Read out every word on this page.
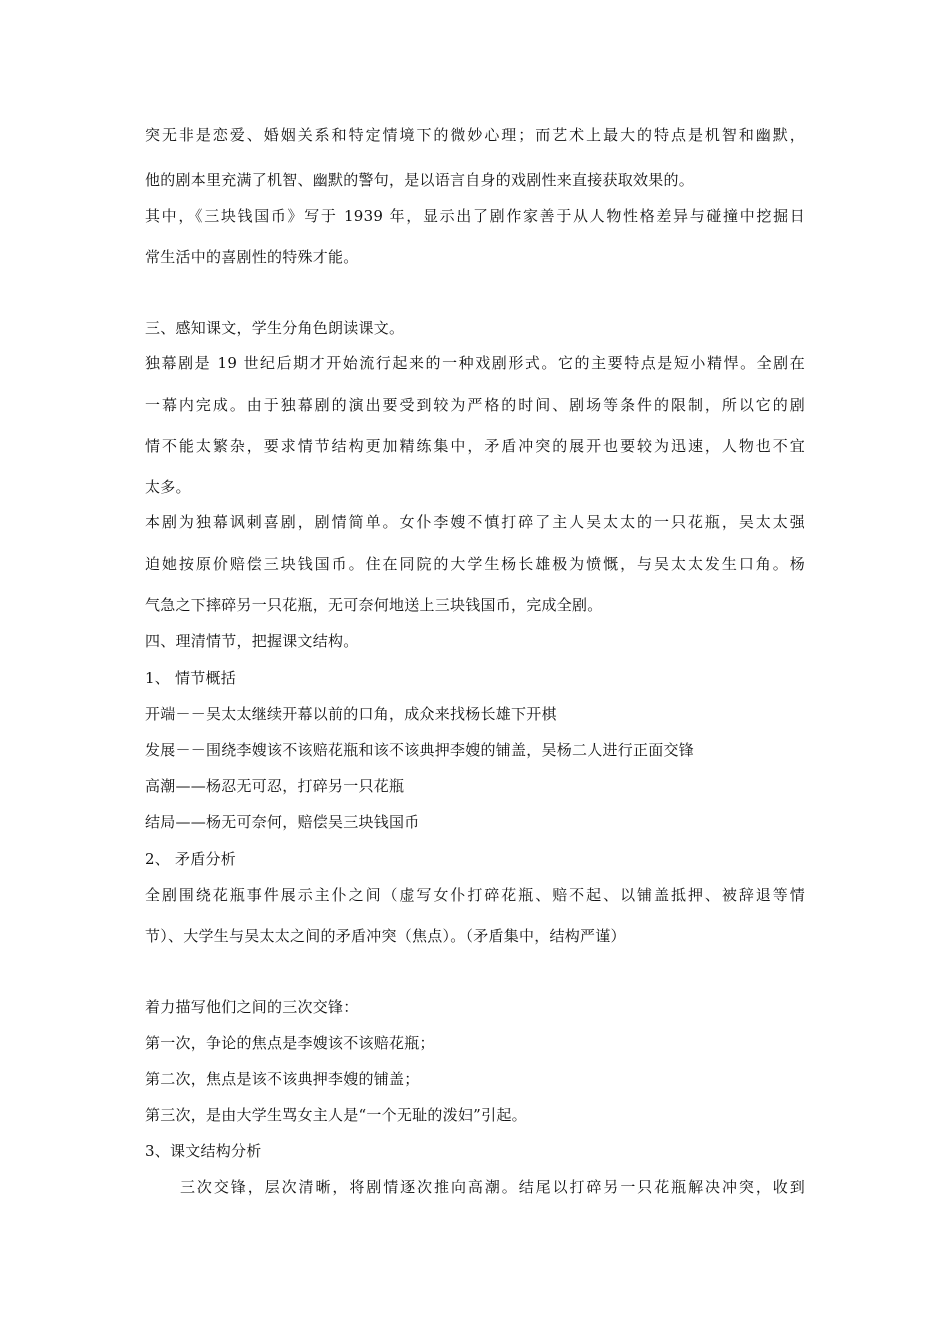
突无非是恋爱、婚姻关系和特定情境下的微妙心理；而艺术上最大的特点是机智和幽默，
他的剧本里充满了机智、幽默的警句，是以语言自身的戏剧性来直接获取效果的。
其中，《三块钱国币》写于 1939 年，显示出了剧作家善于从人物性格差异与碰撞中挖掘日
常生活中的喜剧性的特殊才能。
三、感知课文，学生分角色朗读课文。
独幕剧是 19 世纪后期才开始流行起来的一种戏剧形式。它的主要特点是短小精悍。全剧在
一幕内完成。由于独幕剧的演出要受到较为严格的时间、剧场等条件的限制，所以它的剧
情不能太繁杂，要求情节结构更加精练集中，矛盾冲突的展开也要较为迅速，人物也不宜
太多。
本剧为独幕讽刺喜剧，剧情简单。女仆李嫂不慎打碎了主人吴太太的一只花瓶，吴太太强
迫她按原价赔偿三块钱国币。住在同院的大学生杨长雄极为愤慨，与吴太太发生口角。杨
气急之下摔碎另一只花瓶，无可奈何地送上三块钱国币，完成全剧。
四、理清情节，把握课文结构。
1、 情节概括
开端－－吴太太继续开幕以前的口角，成众来找杨长雄下开棋
发展－－围绕李嫂该不该赔花瓶和该不该典押李嫂的铺盖，吴杨二人进行正面交锋
高潮——杨忍无可忍，打碎另一只花瓶
结局——杨无可奈何，赔偿吴三块钱国币
2、 矛盾分析
全剧围绕花瓶事件展示主仆之间（虚写女仆打碎花瓶、赔不起、以铺盖抵押、被辞退等情
节）、大学生与吴太太之间的矛盾冲突（焦点）。（矛盾集中，结构严谨）
着力描写他们之间的三次交锋：
第一次，争论的焦点是李嫂该不该赔花瓶；
第二次，焦点是该不该典押李嫂的铺盖；
第三次，是由大学生骂女主人是“一个无耻的泼妇”引起。
3、课文结构分析
三次交锋，层次清晰，将剧情逐次推向高潮。结尾以打碎另一只花瓶解决冲突，收到
